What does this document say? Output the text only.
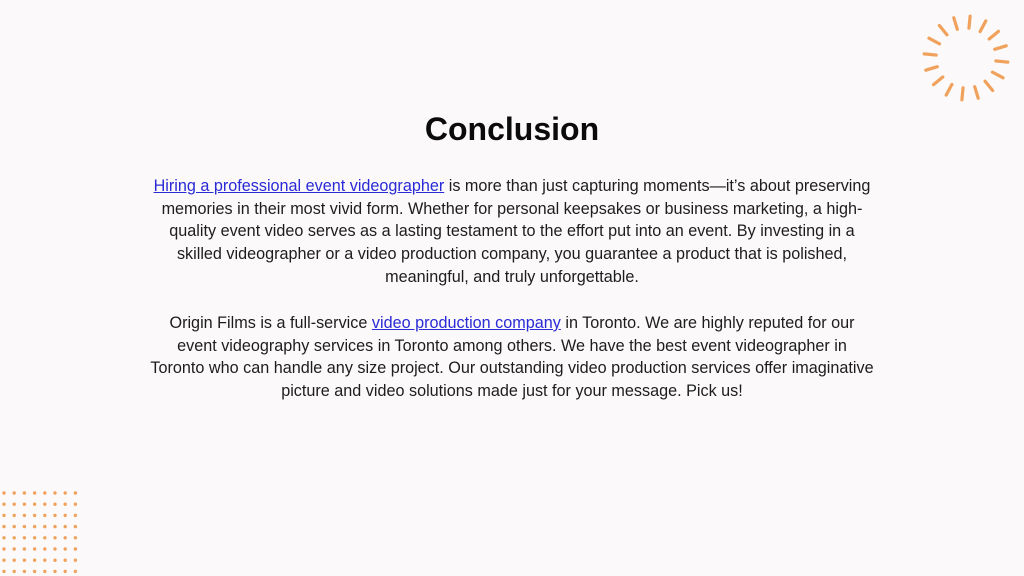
Conclusion

Hiring a professional event videographer is more than just capturing moments—it’s about preserving memories in their most vivid form. Whether for personal keepsakes or business marketing, a high-quality event video serves as a lasting testament to the effort put into an event. By investing in a skilled videographer or a video production company, you guarantee a product that is polished, meaningful, and truly unforgettable.

Origin Films is a full-service video production company in Toronto. We are highly reputed for our event videography services in Toronto among others. We have the best event videographer in Toronto who can handle any size project. Our outstanding video production services offer imaginative picture and video solutions made just for your message. Pick us!
